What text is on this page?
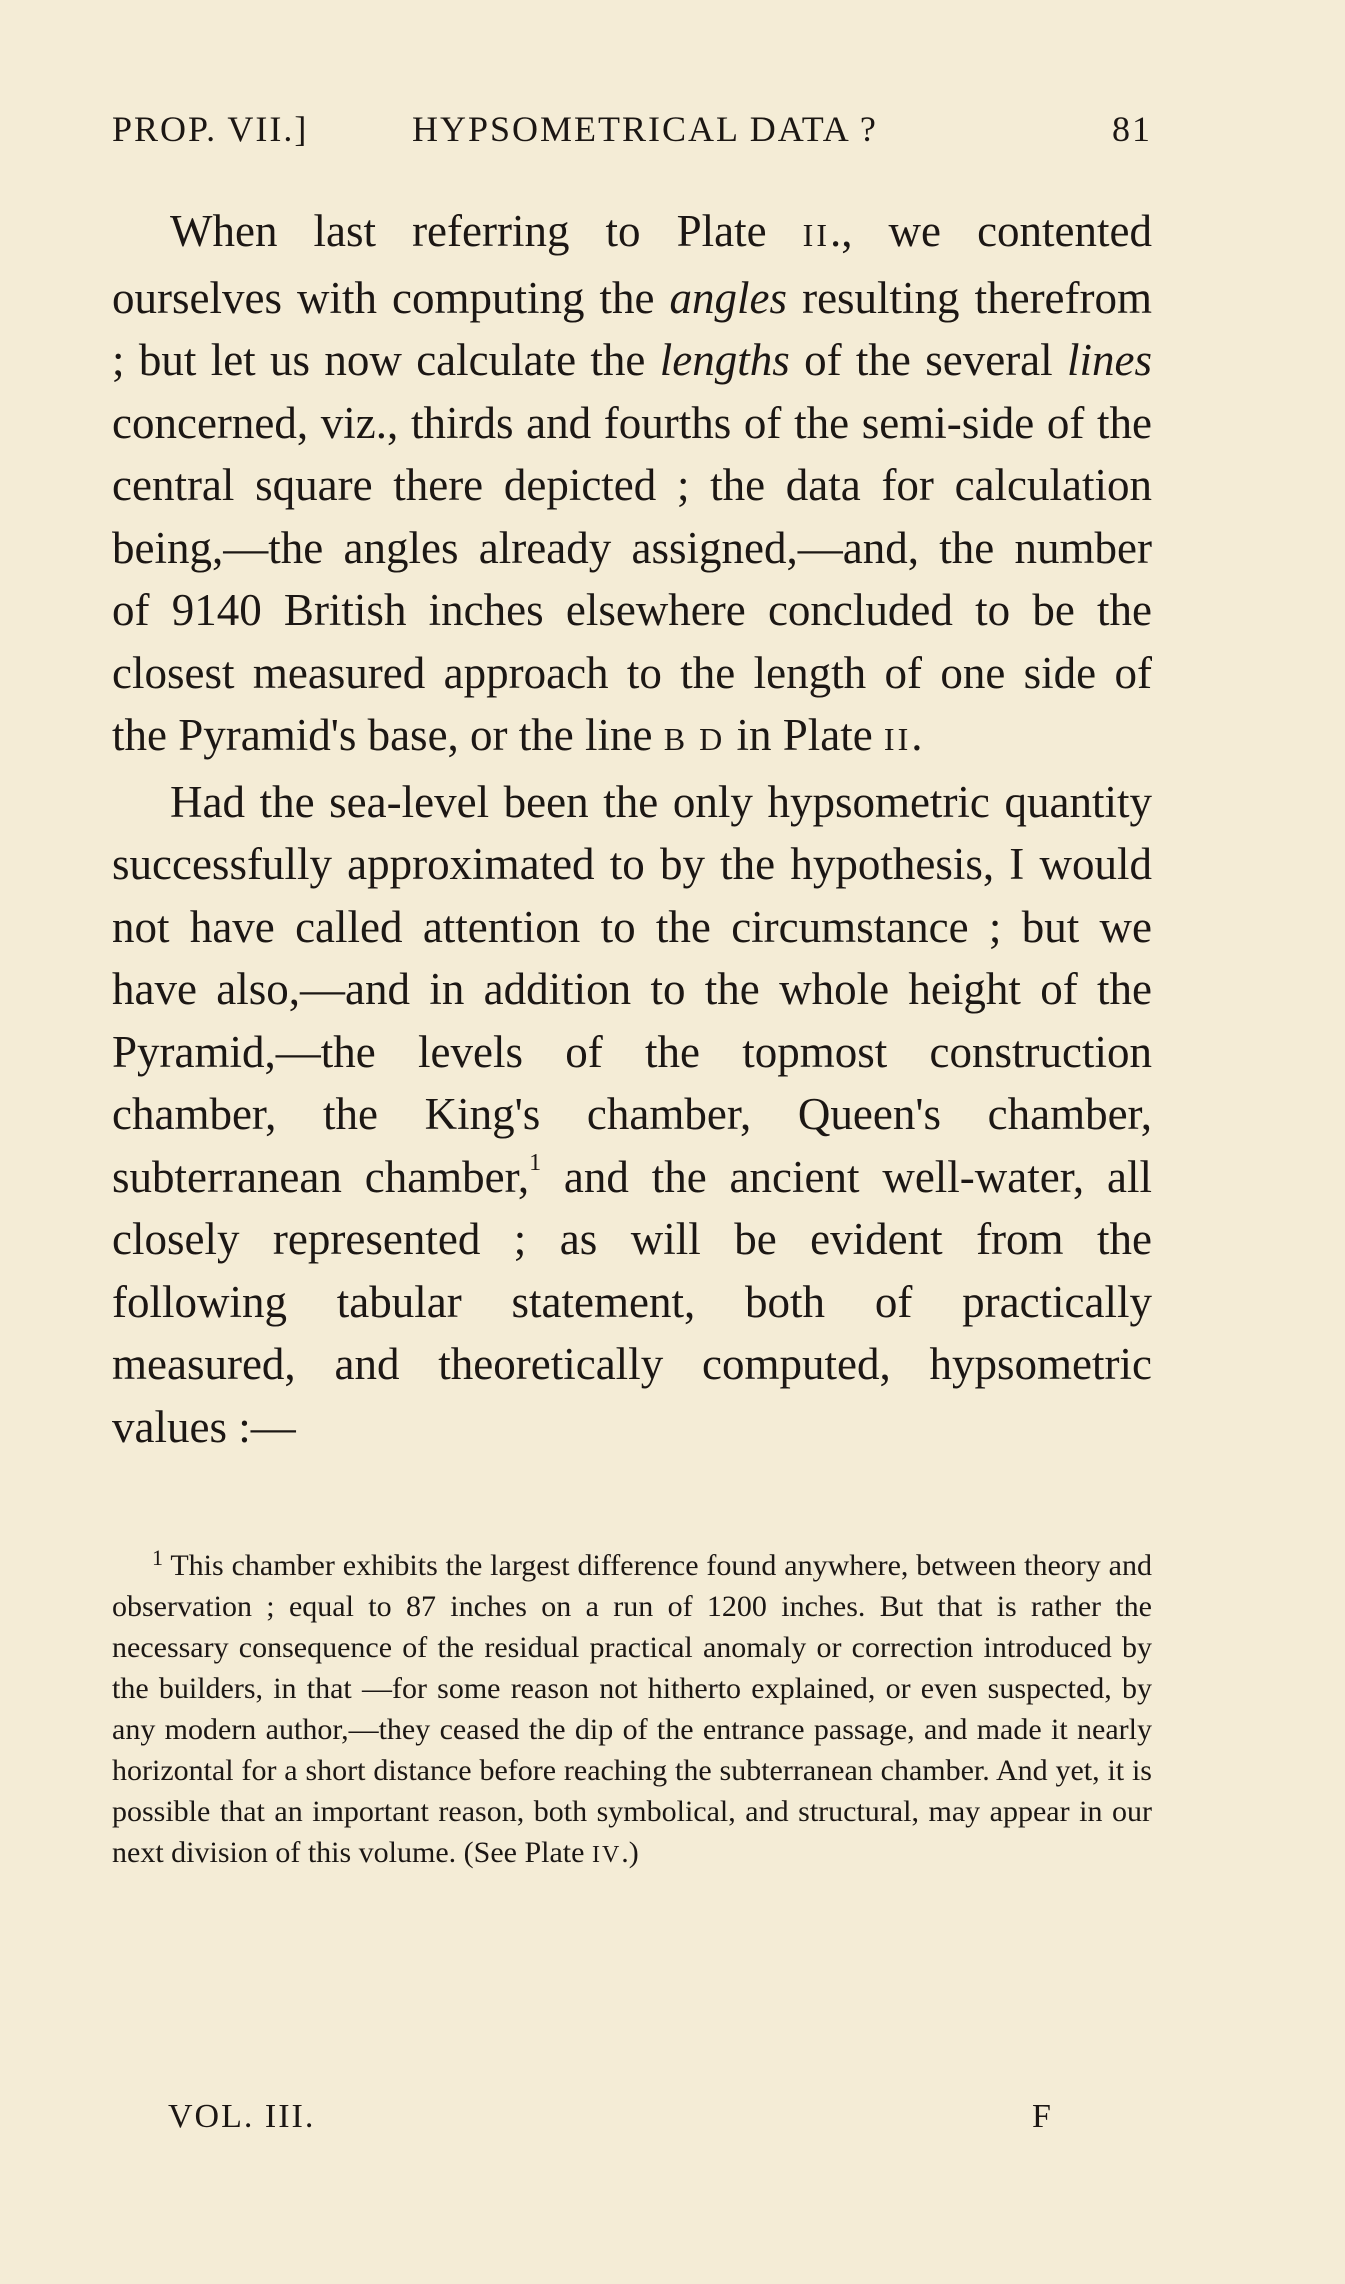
PROP. VII.]	HYPSOMETRICAL DATA ?	81

When last referring to Plate II., we contented ourselves with computing the angles resulting therefrom ; but let us now calculate the lengths of the several lines concerned, viz., thirds and fourths of the semi-side of the central square there depicted ; the data for calculation being,—the angles already assigned,—and, the number of 9140 British inches elsewhere concluded to be the closest measured approach to the length of one side of the Pyramid's base, or the line B D in Plate II.

Had the sea-level been the only hypsometric quantity successfully approximated to by the hypothesis, I would not have called attention to the circumstance ; but we have also,—and in addition to the whole height of the Pyramid,—the levels of the topmost construction chamber, the King's chamber, Queen's chamber, subterranean chamber,$^1$ and the ancient well-water, all closely represented ; as will be evident from the following tabular statement, both of practically measured, and theoretically computed, hypsometric values :—

$^1$ This chamber exhibits the largest difference found anywhere, between theory and observation ; equal to 87 inches on a run of 1200 inches. But that is rather the necessary consequence of the residual practical anomaly or correction introduced by the builders, in that —for some reason not hitherto explained, or even suspected, by any modern author,—they ceased the dip of the entrance passage, and made it nearly horizontal for a short distance before reaching the subterranean chamber. And yet, it is possible that an important reason, both symbolical, and structural, may appear in our next division of this volume. (See Plate IV.)
VOL. III.	F
